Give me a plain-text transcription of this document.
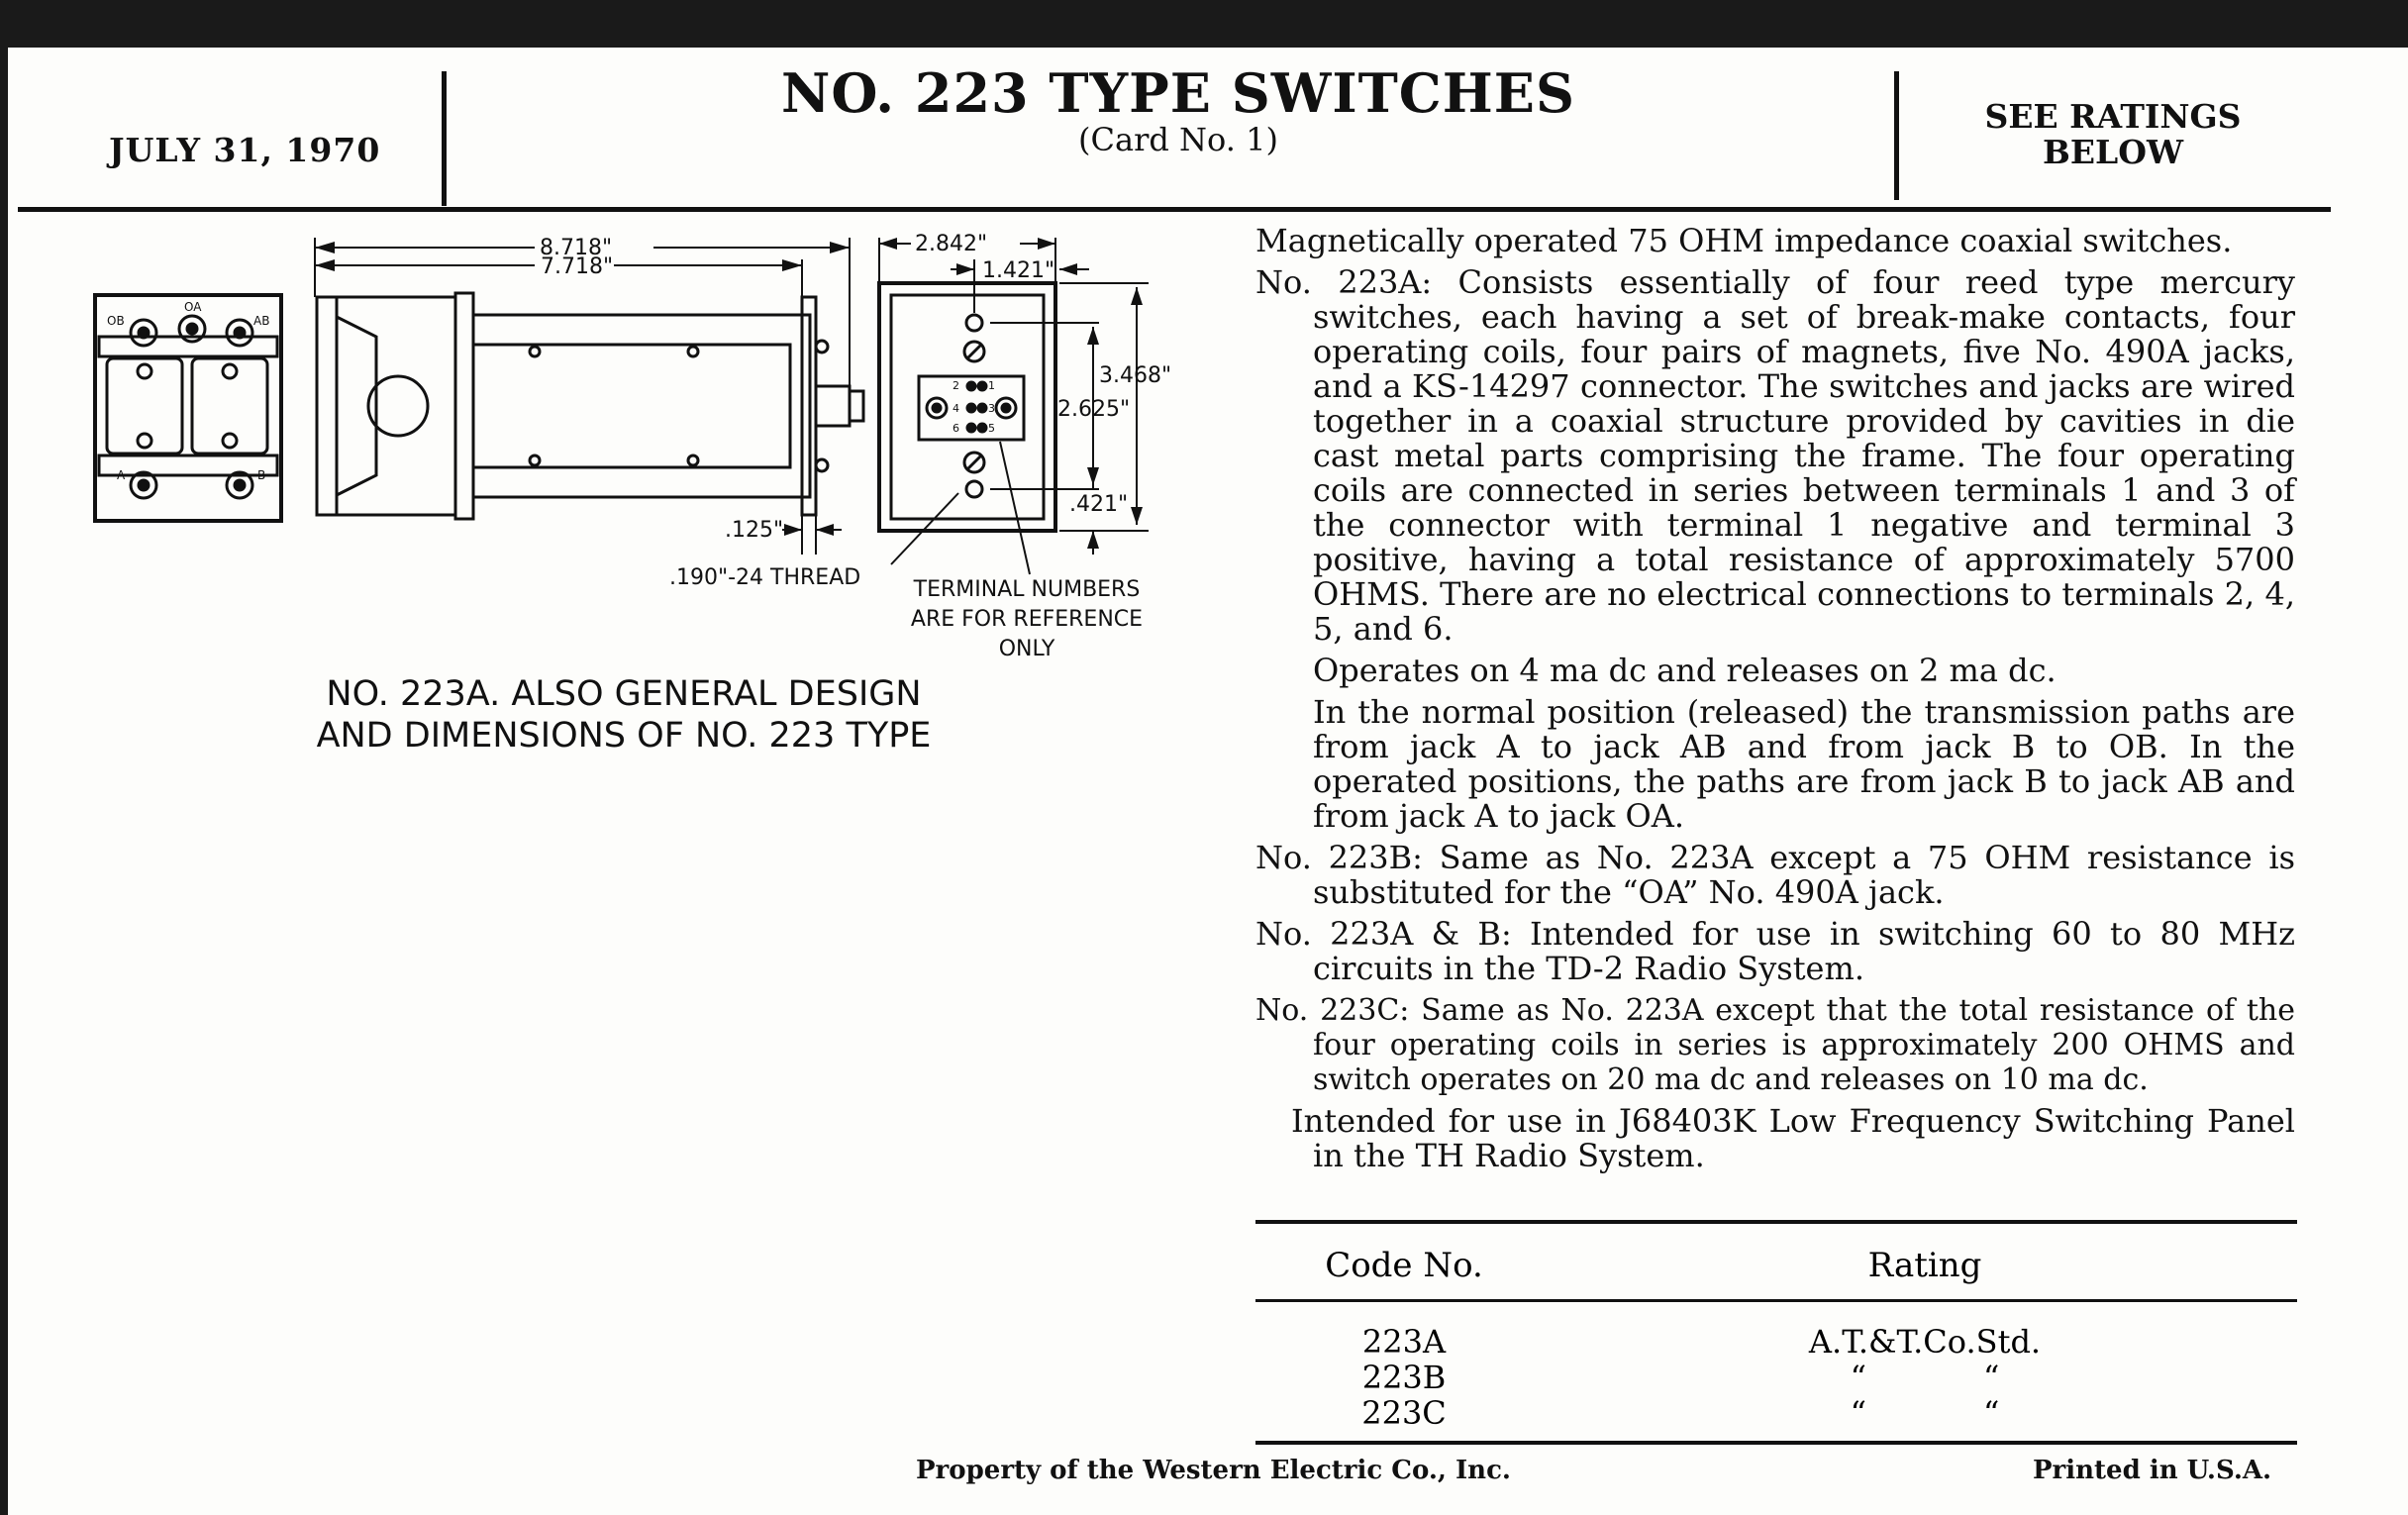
JULY 31, 1970
NO. 223 TYPE SWITCHES
(Card No. 1)
SEE RATINGS
BELOW
8.718"
7.718"
2.842"
1.421"
3.468"
2.625"
.421"
.125"
.190"-24 THREAD TERMINAL NUMBERS
ARE FOR REFERENCE
ONLY
OA
OB	AB
A	B
2	1
4	3
6	5
NO. 223A. ALSO GENERAL DESIGN
AND DIMENSIONS OF NO. 223 TYPE

Magnetically operated 75 OHM impedance coaxial switches.

No. 223A: Consists essentially of four reed type mercury switches, each having a set of break-make contacts, four operating coils, four pairs of magnets, five No. 490A jacks, and a KS-14297 connector. The switches and jacks are wired together in a coaxial structure provided by cavities in die cast metal parts comprising the frame. The four operating coils are connected in series between terminals 1 and 3 of the connector with terminal 1 negative and terminal 3 positive, having a total resistance of approximately 5700 OHMS. There are no electrical connections to terminals 2, 4, 5, and 6.

Operates on 4 ma dc and releases on 2 ma dc.

In the normal position (released) the transmission paths are from jack A to jack AB and from jack B to OB. In the operated positions, the paths are from jack B to jack AB and from jack A to jack OA.

No. 223B: Same as No. 223A except a 75 OHM resistance is substituted for the “OA” No. 490A jack.

No. 223A & B: Intended for use in switching 60 to 80 MHz circuits in the TD-2 Radio System.

No. 223C: Same as No. 223A except that the total resistance of the four operating coils in series is approximately 200 OHMS and switch operates on 20 ma dc and releases on 10 ma dc.

Intended for use in J68403K Low Frequency Switching Panel in the TH Radio System.

Code No.	Rating
223A	A.T.&T.Co.Std.
223B	“	“
223C	“	“
Property of the Western Electric Co., Inc.	Printed in U.S.A.
